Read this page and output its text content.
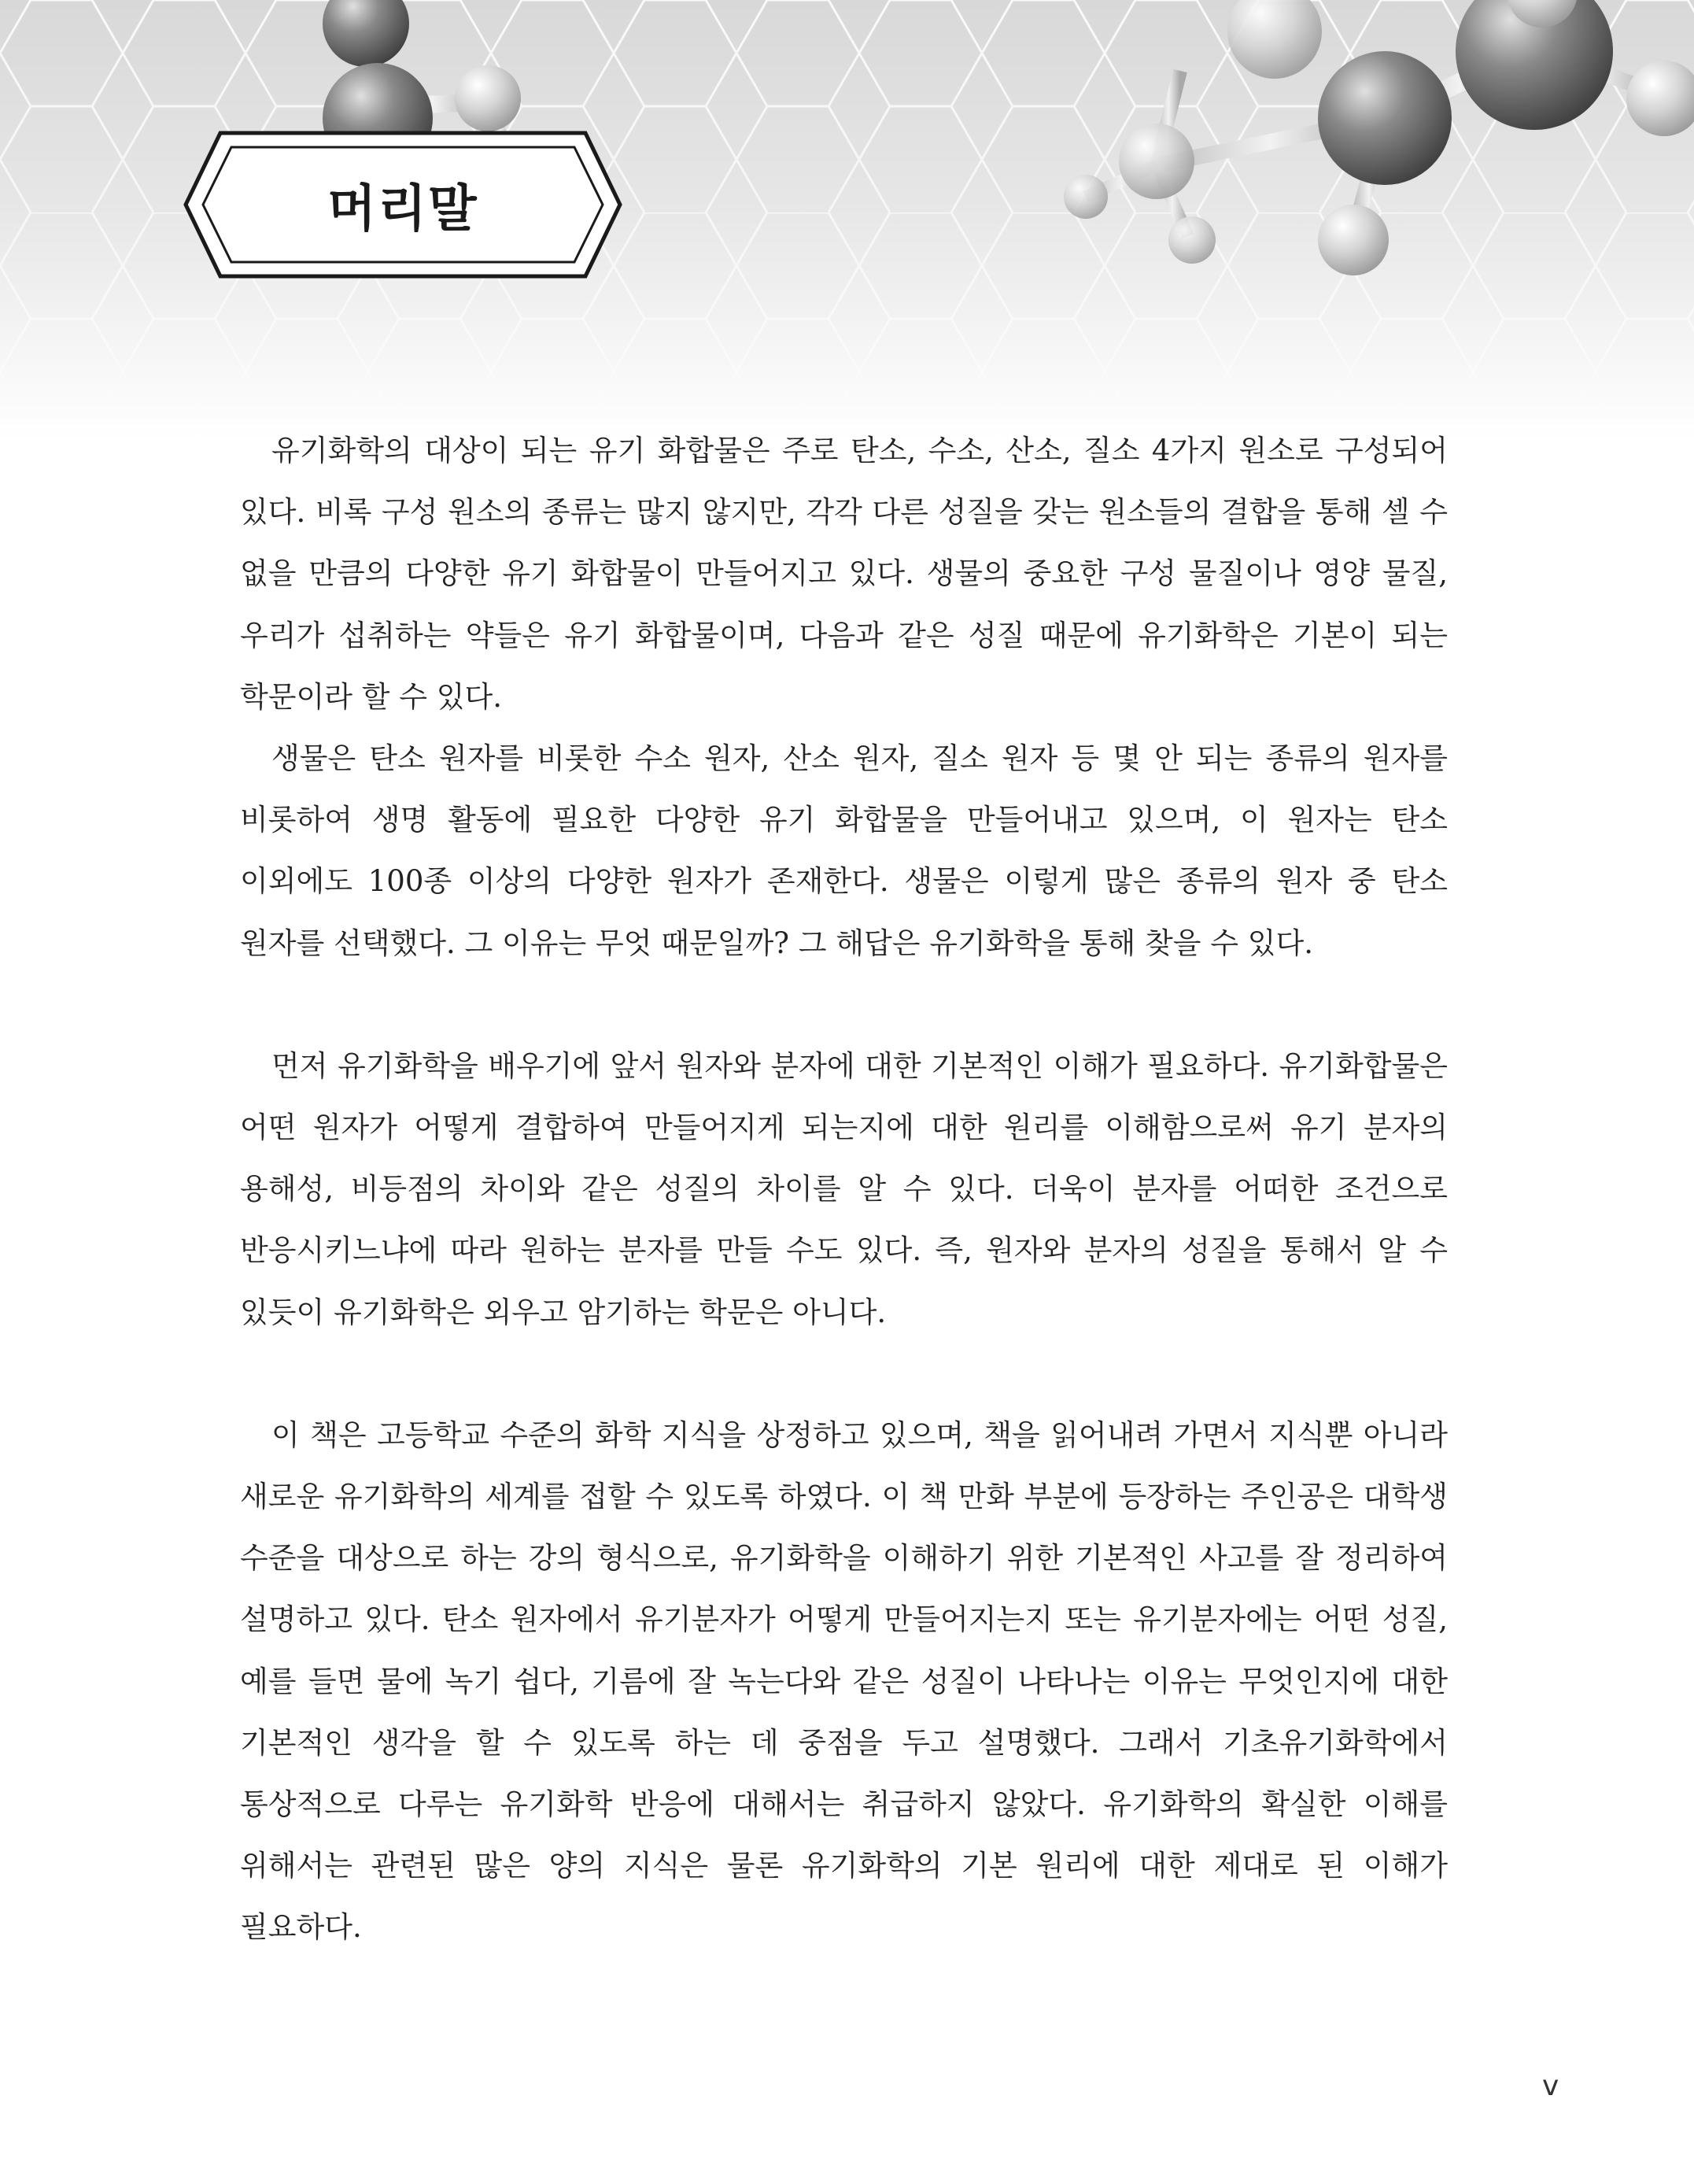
머리말

유기화학의 대상이 되는 유기 화합물은 주로 탄소, 수소, 산소, 질소 4가지 원소로 구성되어 있다. 비록 구성 원소의 종류는 많지 않지만, 각각 다른 성질을 갖는 원소들의 결합을 통해 셀 수 없을 만큼의 다양한 유기 화합물이 만들어지고 있다. 생물의 중요한 구성 물질이나 영양 물질, 우리가 섭취하는 약들은 유기 화합물이며, 다음과 같은 성질 때문에 유기화학은 기본이 되는 학문이라 할 수 있다.

생물은 탄소 원자를 비롯한 수소 원자, 산소 원자, 질소 원자 등 몇 안 되는 종류의 원자를 비롯하여 생명 활동에 필요한 다양한 유기 화합물을 만들어내고 있으며, 이 원자는 탄소 이외에도 100종 이상의 다양한 원자가 존재한다. 생물은 이렇게 많은 종류의 원자 중 탄소 원자를 선택했다. 그 이유는 무엇 때문일까? 그 해답은 유기화학을 통해 찾을 수 있다.

먼저 유기화학을 배우기에 앞서 원자와 분자에 대한 기본적인 이해가 필요하다. 유기화합물은 어떤 원자가 어떻게 결합하여 만들어지게 되는지에 대한 원리를 이해함으로써 유기 분자의 용해성, 비등점의 차이와 같은 성질의 차이를 알 수 있다. 더욱이 분자를 어떠한 조건으로 반응시키느냐에 따라 원하는 분자를 만들 수도 있다. 즉, 원자와 분자의 성질을 통해서 알 수 있듯이 유기화학은 외우고 암기하는 학문은 아니다.

이 책은 고등학교 수준의 화학 지식을 상정하고 있으며, 책을 읽어내려 가면서 지식뿐 아니라 새로운 유기화학의 세계를 접할 수 있도록 하였다. 이 책 만화 부분에 등장하는 주인공은 대학생 수준을 대상으로 하는 강의 형식으로, 유기화학을 이해하기 위한 기본적인 사고를 잘 정리하여 설명하고 있다. 탄소 원자에서 유기분자가 어떻게 만들어지는지 또는 유기분자에는 어떤 성질, 예를 들면 물에 녹기 쉽다, 기름에 잘 녹는다와 같은 성질이 나타나는 이유는 무엇인지에 대한 기본적인 생각을 할 수 있도록 하는 데 중점을 두고 설명했다. 그래서 기초유기화학에서 통상적으로 다루는 유기화학 반응에 대해서는 취급하지 않았다. 유기화학의 확실한 이해를 위해서는 관련된 많은 양의 지식은 물론 유기화학의 기본 원리에 대한 제대로 된 이해가 필요하다.

v
